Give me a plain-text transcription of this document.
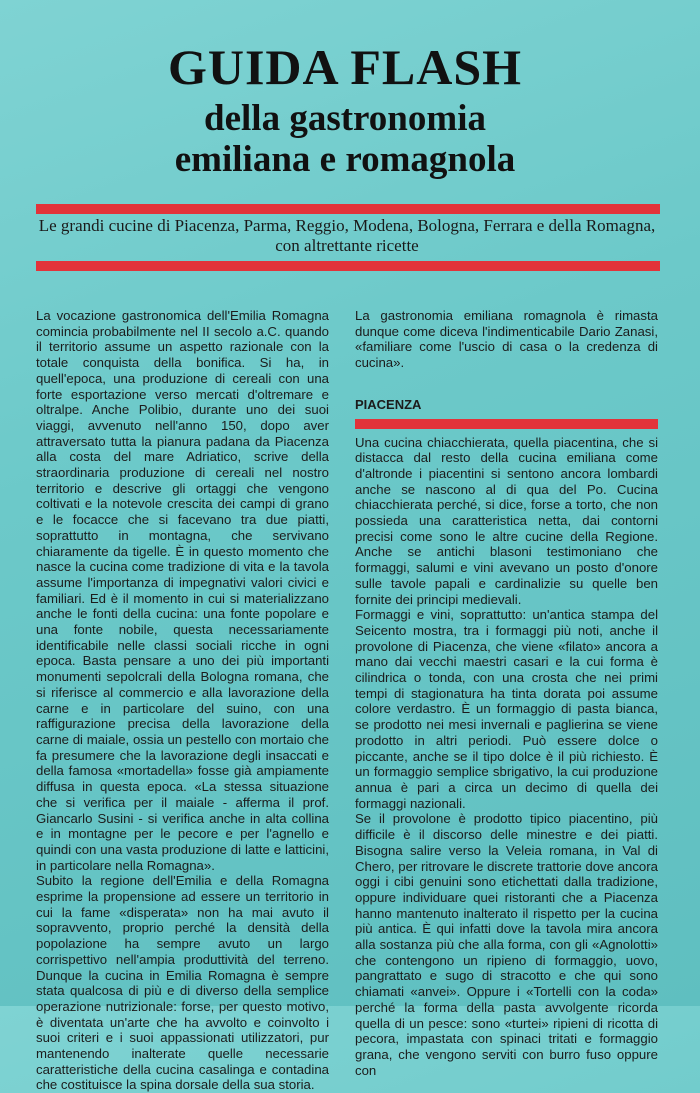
GUIDA FLASH
della gastronomia
emiliana e romagnola
Le grandi cucine di Piacenza, Parma, Reggio, Modena, Bologna, Ferrara e della Romagna, con altrettante ricette

La vocazione gastronomica dell'Emilia Romagna comincia probabilmente nel II secolo a.C. quando il territorio assume un aspetto razionale con la totale conquista della bonifica. Si ha, in quell'epoca, una produzione di cereali con una forte esportazione verso mercati d'oltremare e oltralpe. Anche Polibio, durante uno dei suoi viaggi, avvenuto nell'anno 150, dopo aver attraversato tutta la pianura padana da Piacenza alla costa del mare Adriatico, scrive della straordinaria produzione di cereali nel nostro territorio e descrive gli ortaggi che vengono coltivati e la notevole crescita dei campi di grano e le focacce che si facevano tra due piatti, soprattutto in montagna, che servivano chiaramente da tigelle. È in questo momento che nasce la cucina come tradizione di vita e la tavola assume l'importanza di impegnativi valori civici e familiari. Ed è il momento in cui si materializzano anche le fonti della cucina: una fonte popolare e una fonte nobile, questa necessariamente identificabile nelle classi sociali ricche in ogni epoca. Basta pensare a uno dei più importanti monumenti sepolcrali della Bologna romana, che si riferisce al commercio e alla lavorazione della carne e in particolare del suino, con una raffigurazione precisa della lavorazione della carne di maiale, ossia un pestello con mortaio che fa presumere che la lavorazione degli insaccati e della famosa «mortadella» fosse già ampiamente diffusa in questa epoca. «La stessa situazione che si verifica per il maiale - afferma il prof. Giancarlo Susini - si verifica anche in alta collina e in montagne per le pecore e per l'agnello e quindi con una vasta produzione di latte e latticini, in particolare nella Romagna».

Subito la regione dell'Emilia e della Romagna esprime la propensione ad essere un territorio in cui la fame «disperata» non ha mai avuto il sopravvento, proprio perché la densità della popolazione ha sempre avuto un largo corrispettivo nell'ampia produttività del terreno. Dunque la cucina in Emilia Romagna è sempre stata qualcosa di più e di diverso della semplice operazione nutrizionale: forse, per questo motivo, è diventata un'arte che ha avvolto e coinvolto i suoi criteri e i suoi appassionati utilizzatori, pur mantenendo inalterate quelle necessarie caratteristiche della cucina casalinga e contadina che costituisce la spina dorsale della sua storia.

La gastronomia emiliana romagnola è rimasta dunque come diceva l'indimenticabile Dario Zanasi, «familiare come l'uscio di casa o la credenza di cucina».

PIACENZA

Una cucina chiacchierata, quella piacentina, che si distacca dal resto della cucina emiliana come d'altronde i piacentini si sentono ancora lombardi anche se nascono al di qua del Po. Cucina chiacchierata perché, si dice, forse a torto, che non possiedа una caratteristica netta, dai contorni precisi come sono le altre cucine della Regione. Anche se antichi blasoni testimoniano che formaggi, salumi e vini avevano un posto d'onore sulle tavole papali e cardinalizie su quelle ben fornite dei principi medievali.

Formaggi e vini, soprattutto: un'antica stampa del Seicento mostra, tra i formaggi più noti, anche il provolone di Piacenza, che viene «filato» ancora a mano dai vecchi maestri casari e la cui forma è cilindrica o tonda, con una crosta che nei primi tempi di stagionatura ha tinta dorata poi assume colore verdastro. È un formaggio di pasta bianca, se prodotto nei mesi invernali e paglierina se viene prodotto in altri periodi. Può essere dolce o piccante, anche se il tipo dolce è il più richiesto. È un formaggio semplice sbrigativo, la cui produzione annua è pari a circa un decimo di quella dei formaggi nazionali.

Se il provolone è prodotto tipico piacentino, più difficile è il discorso delle minestre e dei piatti. Bisogna salire verso la Veleia romana, in Val di Chero, per ritrovare le discrete trattorie dove ancora oggi i cibi genuini sono etichettati dalla tradizione, oppure individuare quei ristoranti che a Piacenza hanno mantenuto inalterato il rispetto per la cucina più antica. È qui infatti dove la tavola mira ancora alla sostanza più che alla forma, con gli «Agnolotti» che contengono un ripieno di formaggio, uovo, pangrattato e sugo di stracotto e che qui sono chiamati «anvei». Oppure i «Tortelli con la coda» perché la forma della pasta avvolgente ricorda quella di un pesce: sono «turtei» ripieni di ricotta di pecora, impastata con spinaci tritati e formaggio grana, che vengono serviti con burro fuso oppure con
